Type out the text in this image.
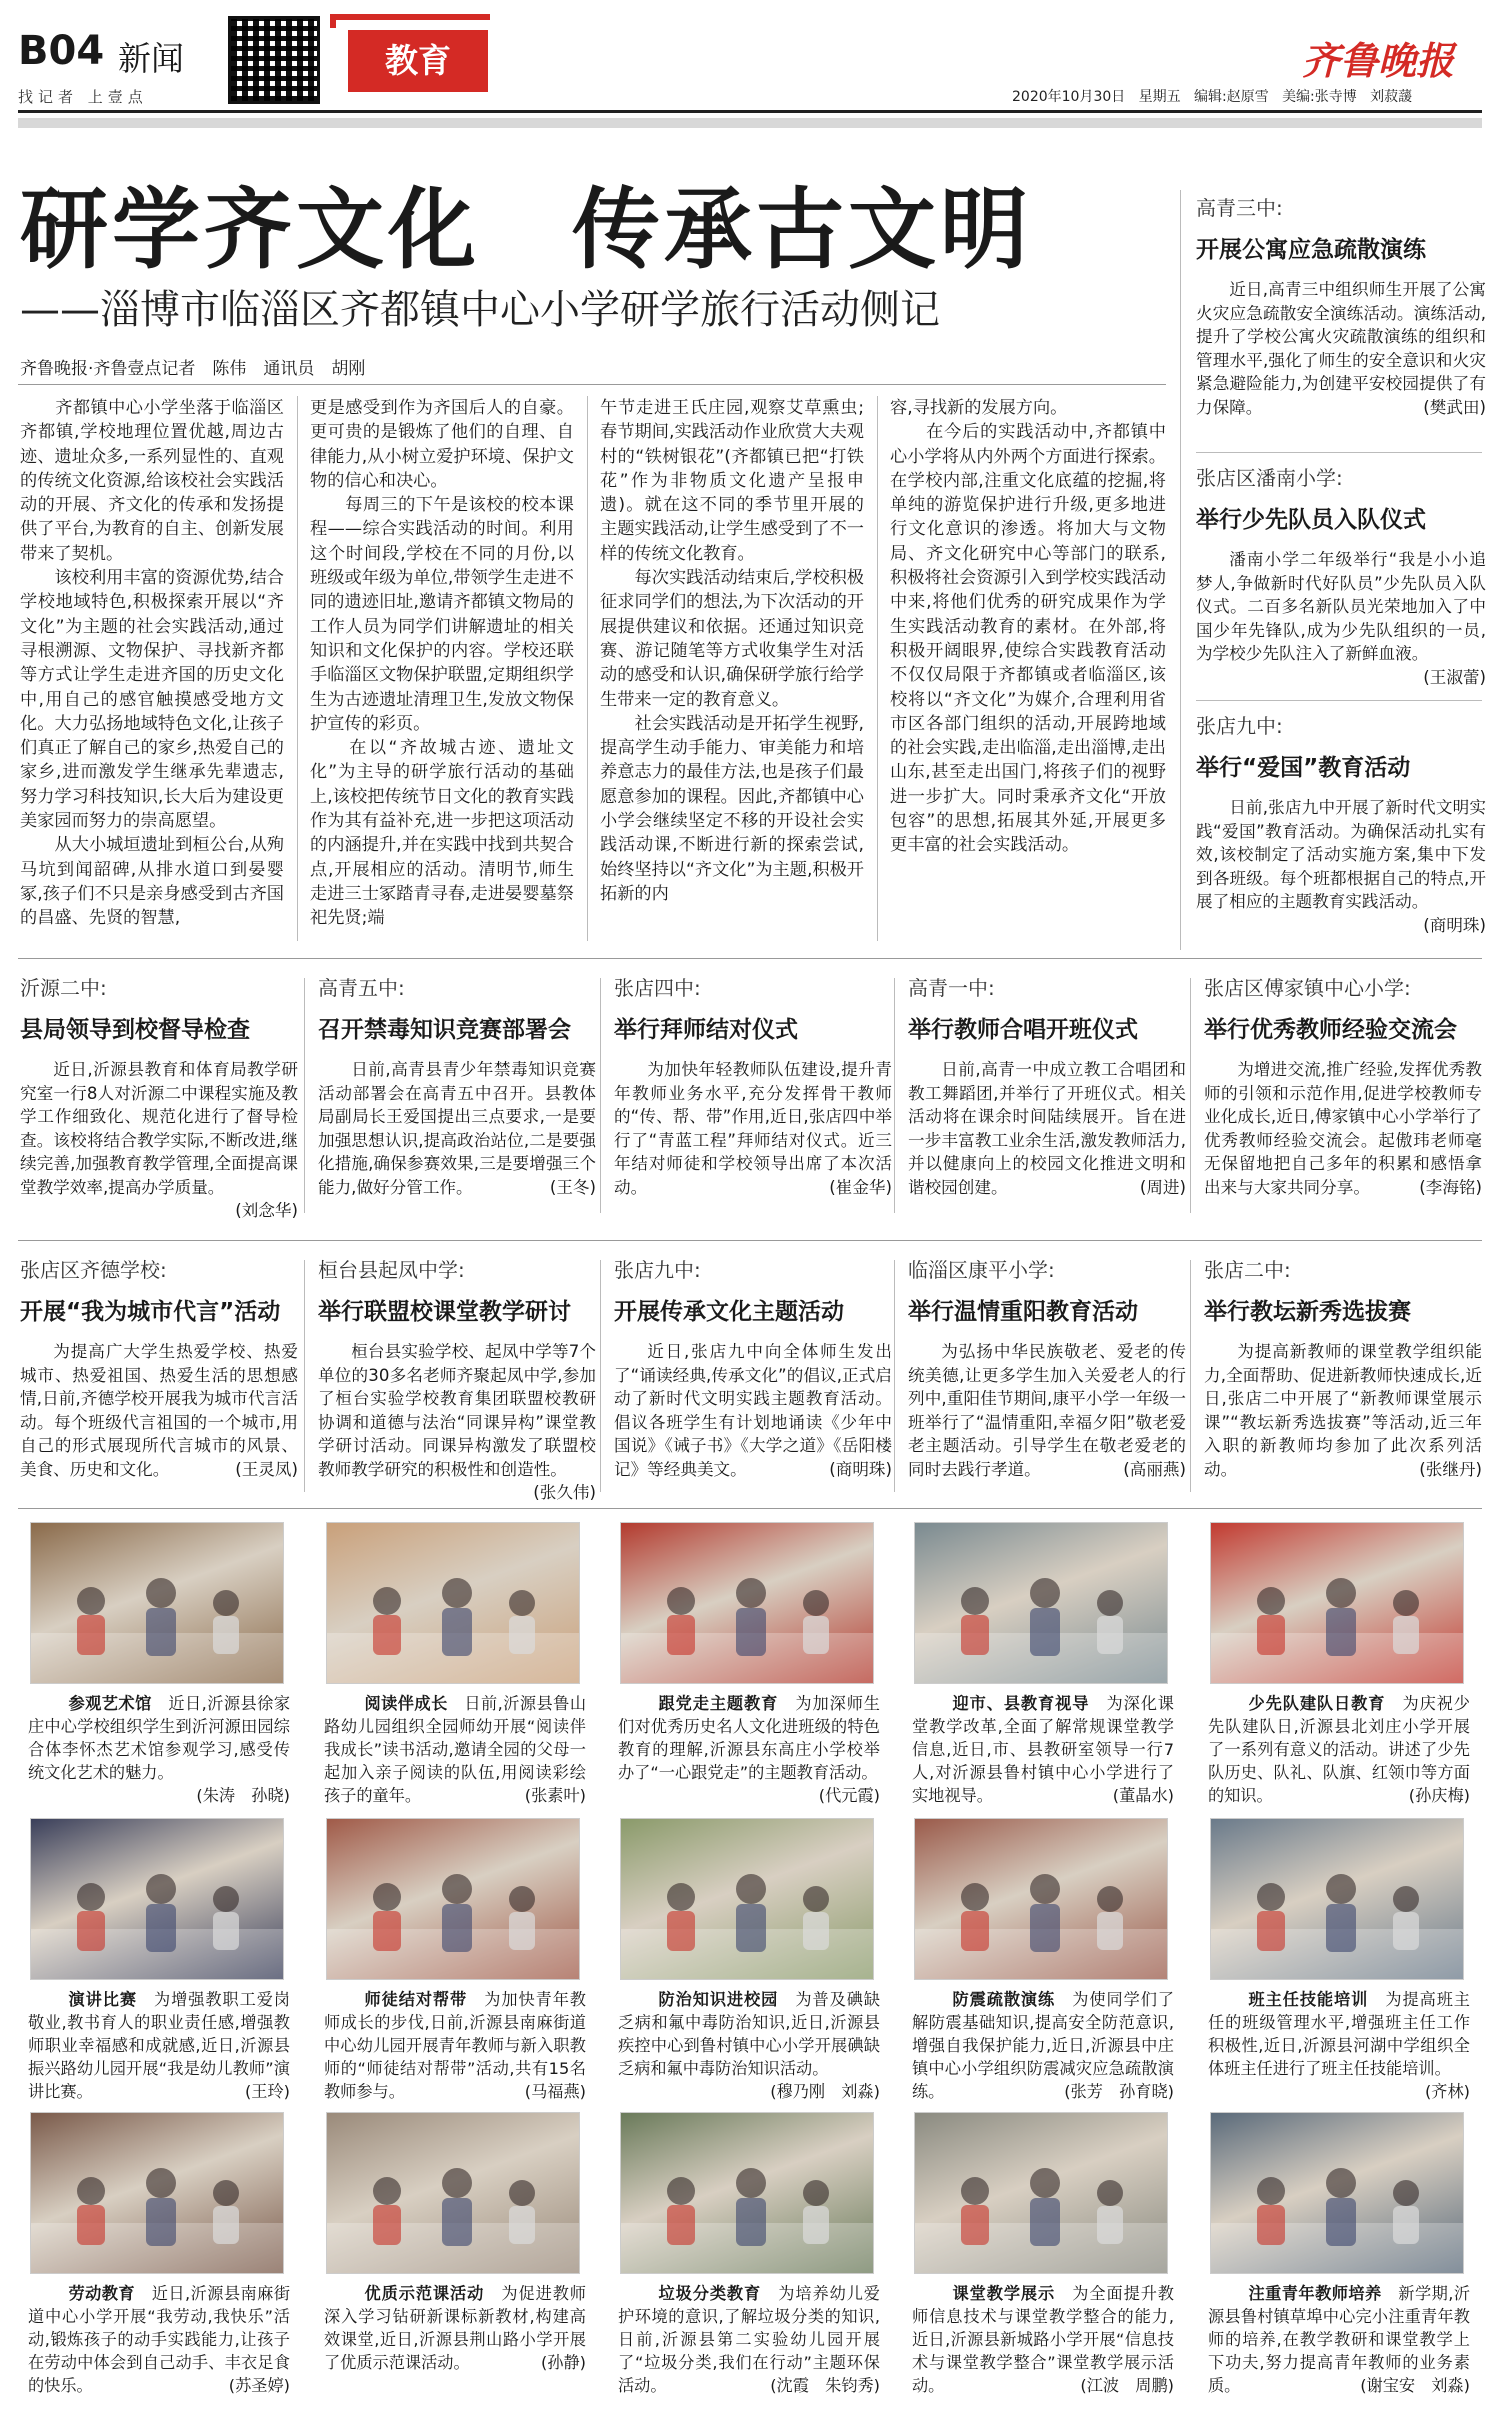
B04 新闻
找记者 上壹点
教育	齐鲁晚报
2020年10月30日 星期五 编辑:赵原雪 美编:张寺博 刘菽蘐
研学齐文化　传承古文明
——淄博市临淄区齐都镇中心小学研学旅行活动侧记
齐鲁晚报·齐鲁壹点记者　陈伟　通讯员　胡刚
　　齐都镇中心小学坐落于临淄区齐都镇,学校地理位置优越,周边古迹、遗址众多,一系列显性的、直观的传统文化资源,给该校社会实践活动的开展、齐文化的传承和发扬提供了平台,为教育的自主、创新发展带来了契机。
　　该校利用丰富的资源优势,结合学校地域特色,积极探索开展以“齐文化”为主题的社会实践活动,通过寻根溯源、文物保护、寻找新齐都等方式让学生走进齐国的历史文化中,用自己的感官触摸感受地方文化。大力弘扬地域特色文化,让孩子们真正了解自己的家乡,热爱自己的家乡,进而激发学生继承先辈遗志,努力学习科技知识,长大后为建设更美家园而努力的崇高愿望。
　　从大小城垣遗址到桓公台,从殉马坑到闻韶碑,从排水道口到晏婴冢,孩子们不只是亲身感受到古齐国的昌盛、先贤的智慧,
更是感受到作为齐国后人的自豪。更可贵的是锻炼了他们的自理、自律能力,从小树立爱护环境、保护文物的信心和决心。
　　每周三的下午是该校的校本课程——综合实践活动的时间。利用这个时间段,学校在不同的月份,以班级或年级为单位,带领学生走进不同的遗迹旧址,邀请齐都镇文物局的工作人员为同学们讲解遗址的相关知识和文化保护的内容。学校还联手临淄区文物保护联盟,定期组织学生为古迹遗址清理卫生,发放文物保护宣传的彩页。
　　在以“齐故城古迹、遗址文化”为主导的研学旅行活动的基础上,该校把传统节日文化的教育实践作为其有益补充,进一步把这项活动的内涵提升,并在实践中找到共契合点,开展相应的活动。清明节,师生走进三士冢踏青寻春,走进晏婴墓祭祀先贤;端
午节走进王氏庄园,观察艾草熏虫;春节期间,实践活动作业欣赏大夫观村的“铁树银花”(齐都镇已把“打铁花”作为非物质文化遗产呈报申遗)。就在这不同的季节里开展的主题实践活动,让学生感受到了不一样的传统文化教育。
　　每次实践活动结束后,学校积极征求同学们的想法,为下次活动的开展提供建议和依据。还通过知识竞赛、游记随笔等方式收集学生对活动的感受和认识,确保研学旅行给学生带来一定的教育意义。
　　社会实践活动是开拓学生视野,提高学生动手能力、审美能力和培养意志力的最佳方法,也是孩子们最愿意参加的课程。因此,齐都镇中心小学会继续坚定不移的开设社会实践活动课,不断进行新的探索尝试,始终坚持以“齐文化”为主题,积极开拓新的内
容,寻找新的发展方向。
　　在今后的实践活动中,齐都镇中心小学将从内外两个方面进行探索。在学校内部,注重文化底蕴的挖掘,将单纯的游览保护进行升级,更多地进行文化意识的渗透。将加大与文物局、齐文化研究中心等部门的联系,积极将社会资源引入到学校实践活动中来,将他们优秀的研究成果作为学生实践活动教育的素材。在外部,将积极开阔眼界,使综合实践教育活动不仅仅局限于齐都镇或者临淄区,该校将以“齐文化”为媒介,合理利用省市区各部门组织的活动,开展跨地域的社会实践,走出临淄,走出淄博,走出山东,甚至走出国门,将孩子们的视野进一步扩大。同时秉承齐文化“开放包容”的思想,拓展其外延,开展更多更丰富的社会实践活动。
高青三中:
开展公寓应急疏散演练
近日,高青三中组织师生开展了公寓火灾应急疏散安全演练活动。演练活动,提升了学校公寓火灾疏散演练的组织和管理水平,强化了师生的安全意识和火灾紧急避险能力,为创建平安校园提供了有力保障。	(樊武田)
张店区潘南小学:
举行少先队员入队仪式
潘南小学二年级举行“我是小小追梦人,争做新时代好队员”少先队员入队仪式。二百多名新队员光荣地加入了中国少年先锋队,成为少先队组织的一员,为学校少先队注入了新鲜血液。
(王淑蕾)
张店九中:
举行“爱国”教育活动
日前,张店九中开展了新时代文明实践“爱国”教育活动。为确保活动扎实有效,该校制定了活动实施方案,集中下发到各班级。每个班都根据自己的特点,开展了相应的主题教育实践活动。
(商明珠)
沂源二中:
县局领导到校督导检查
近日,沂源县教育和体育局教学研究室一行8人对沂源二中课程实施及教学工作细致化、规范化进行了督导检查。该校将结合教学实际,不断改进,继续完善,加强教育教学管理,全面提高课堂教学效率,提高办学质量。
(刘念华)
高青五中:
召开禁毒知识竞赛部署会
日前,高青县青少年禁毒知识竞赛活动部署会在高青五中召开。县教体局副局长王爱国提出三点要求,一是要加强思想认识,提高政治站位,二是要强化措施,确保参赛效果,三是要增强三个能力,做好分管工作。	(王冬)
张店四中:
举行拜师结对仪式
为加快年轻教师队伍建设,提升青年教师业务水平,充分发挥骨干教师的“传、帮、带”作用,近日,张店四中举行了“青蓝工程”拜师结对仪式。近三年结对师徒和学校领导出席了本次活动。	(崔金华)
高青一中:
举行教师合唱开班仪式
日前,高青一中成立教工合唱团和教工舞蹈团,并举行了开班仪式。相关活动将在课余时间陆续展开。旨在进一步丰富教工业余生活,激发教师活力,并以健康向上的校园文化推进文明和谐校园创建。	(周进)
张店区傅家镇中心小学:
举行优秀教师经验交流会
为增进交流,推广经验,发挥优秀教师的引领和示范作用,促进学校教师专业化成长,近日,傅家镇中心小学举行了优秀教师经验交流会。起傲玮老师毫无保留地把自己多年的积累和感悟拿出来与大家共同分享。	(李海铭)
张店区齐德学校:
开展“我为城市代言”活动
为提高广大学生热爱学校、热爱城市、热爱祖国、热爱生活的思想感情,日前,齐德学校开展我为城市代言活动。每个班级代言祖国的一个城市,用自己的形式展现所代言城市的风景、美食、历史和文化。	(王灵凤)
桓台县起凤中学:
举行联盟校课堂教学研讨
桓台县实验学校、起凤中学等7个单位的30多名老师齐聚起凤中学,参加了桓台实验学校教育集团联盟校教研协调和道德与法治“同课异构”课堂教学研讨活动。同课异构激发了联盟校教师教学研究的积极性和创造性。
(张久伟)
张店九中:
开展传承文化主题活动
近日,张店九中向全体师生发出了“诵读经典,传承文化”的倡议,正式启动了新时代文明实践主题教育活动。倡议各班学生有计划地诵读《少年中国说》《诫子书》《大学之道》《岳阳楼记》等经典美文。	(商明珠)
临淄区康平小学:
举行温情重阳教育活动
为弘扬中华民族敬老、爱老的传统美德,让更多学生加入关爱老人的行列中,重阳佳节期间,康平小学一年级一班举行了“温情重阳,幸福夕阳”敬老爱老主题活动。引导学生在敬老爱老的同时去践行孝道。	(高丽燕)
张店二中:
举行教坛新秀选拔赛
为提高新教师的课堂教学组织能力,全面帮助、促进新教师快速成长,近日,张店二中开展了“新教师课堂展示课”“教坛新秀选拔赛”等活动,近三年入职的新教师均参加了此次系列活动。	(张继丹)
参观艺术馆　 近日,沂源县徐家庄中心学校组织学生到沂河源田园综合体李怀杰艺术馆参观学习,感受传统文化艺术的魅力。
(朱涛　孙晓)
阅读伴成长　 日前,沂源县鲁山路幼儿园组织全园师幼开展“阅读伴我成长”读书活动,邀请全园的父母一起加入亲子阅读的队伍,用阅读彩绘孩子的童年。	(张素叶)
跟党走主题教育　 为加深师生们对优秀历史名人文化进班级的特色教育的理解,沂源县东高庄小学校举办了“一心跟党走”的主题教育活动。
(代元霞)
迎市、县教育视导　 为深化课堂教学改革,全面了解常规课堂教学信息,近日,市、县教研室领导一行7人,对沂源县鲁村镇中心小学进行了实地视导。	(董晶水)
少先队建队日教育　 为庆祝少先队建队日,沂源县北刘庄小学开展了一系列有意义的活动。讲述了少先队历史、队礼、队旗、红领巾等方面的知识。	(孙庆梅)
演讲比赛　 为增强教职工爱岗敬业,教书育人的职业责任感,增强教师职业幸福感和成就感,近日,沂源县振兴路幼儿园开展“我是幼儿教师”演讲比赛。	(王玲)
师徒结对帮带　 为加快青年教师成长的步伐,日前,沂源县南麻街道中心幼儿园开展青年教师与新入职教师的“师徒结对帮带”活动,共有15名教师参与。	(马福燕)
防治知识进校园　 为普及碘缺乏病和氟中毒防治知识,近日,沂源县疾控中心到鲁村镇中心小学开展碘缺乏病和氟中毒防治知识活动。
(穆乃刚　刘淼)
防震疏散演练　 为使同学们了解防震基础知识,提高安全防范意识,增强自我保护能力,近日,沂源县中庄镇中心小学组织防震减灾应急疏散演练。	(张芳　孙育晓)
班主任技能培训　 为提高班主任的班级管理水平,增强班主任工作积极性,近日,沂源县河湖中学组织全体班主任进行了班主任技能培训。
(齐林)
劳动教育　 近日,沂源县南麻街道中心小学开展“我劳动,我快乐”活动,锻炼孩子的动手实践能力,让孩子在劳动中体会到自己动手、丰衣足食的快乐。	(苏圣婷)
优质示范课活动　 为促进教师深入学习钻研新课标新教材,构建高效课堂,近日,沂源县荆山路小学开展了优质示范课活动。	(孙静)
垃圾分类教育　 为培养幼儿爱护环境的意识,了解垃圾分类的知识,日前,沂源县第二实验幼儿园开展了“垃圾分类,我们在行动”主题环保活动。	(沈霞　朱钧秀)
课堂教学展示　 为全面提升教师信息技术与课堂教学整合的能力,近日,沂源县新城路小学开展“信息技术与课堂教学整合”课堂教学展示活动。	(江波　周鹏)
注重青年教师培养　 新学期,沂源县鲁村镇草埠中心完小注重青年教师的培养,在教学教研和课堂教学上下功夫,努力提高青年教师的业务素质。	(谢宝安　刘淼)
